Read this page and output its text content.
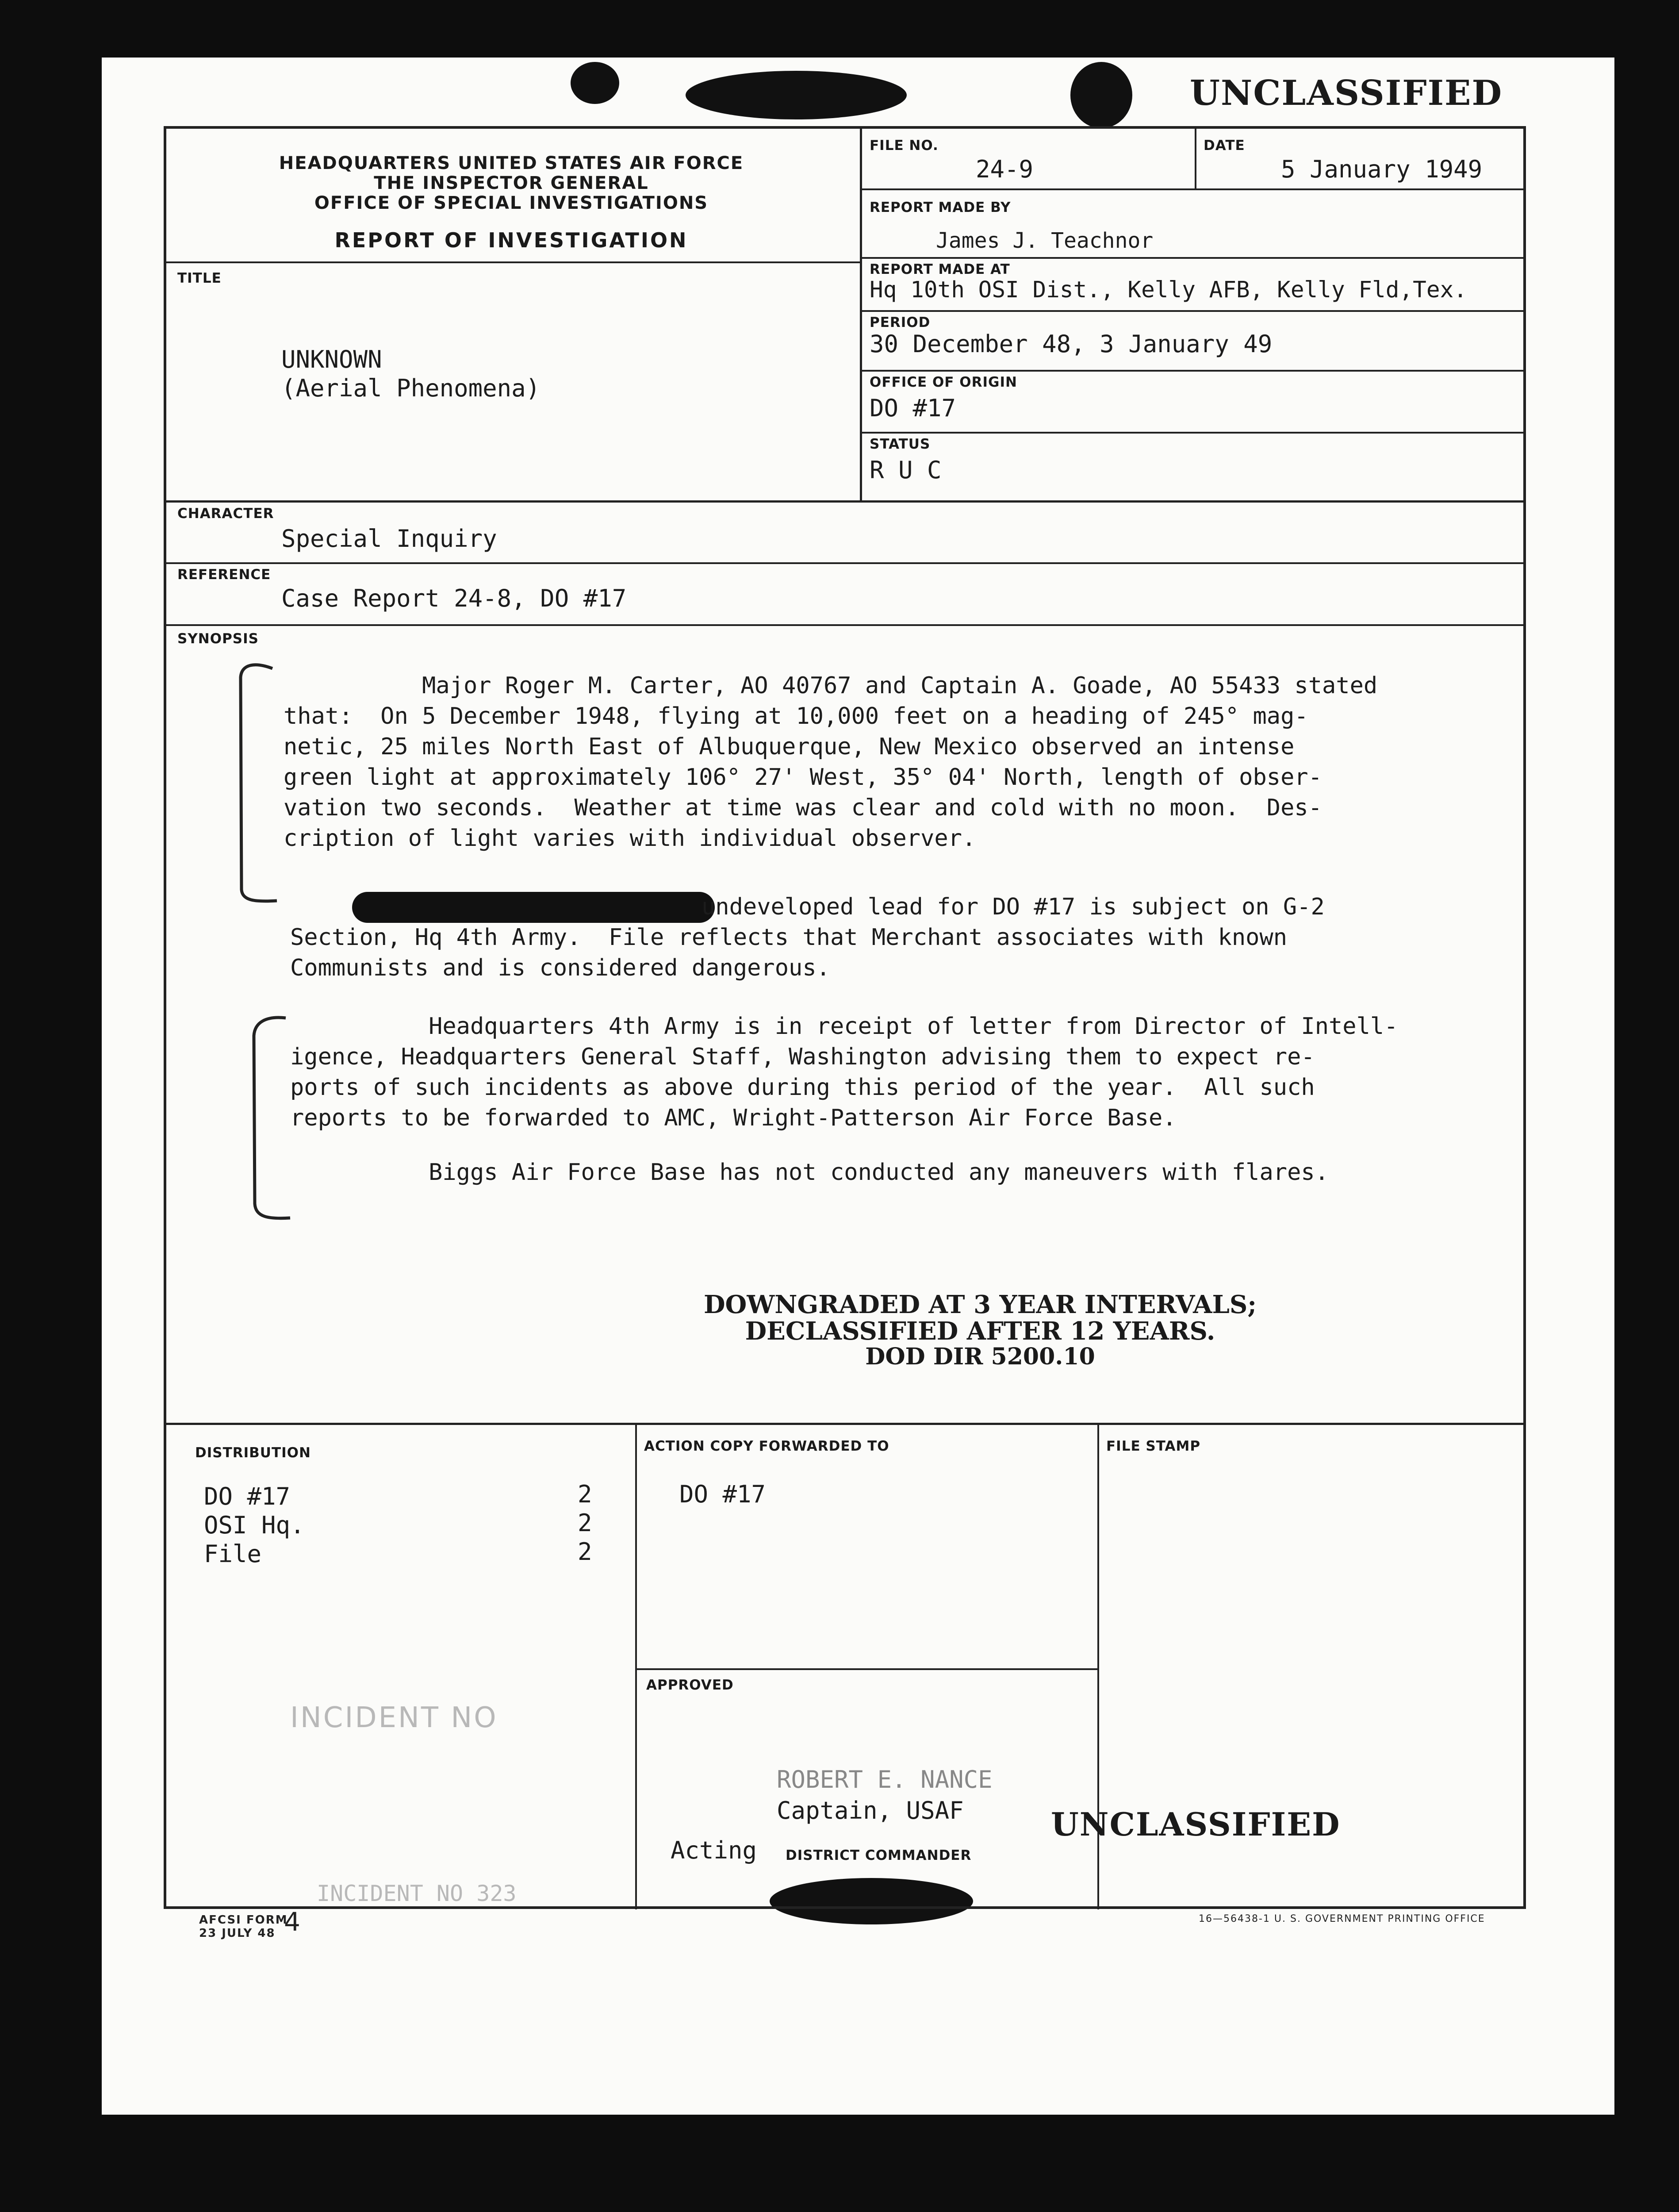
UNCLASSIFIED
HEADQUARTERS UNITED STATES AIR FORCE
THE INSPECTOR GENERAL
OFFICE OF SPECIAL INVESTIGATIONS
REPORT OF INVESTIGATION
FILE NO.
24-9
DATE
5 January 1949
REPORT MADE BY
James J. Teachnor
REPORT MADE AT
Hq 10th OSI Dist., Kelly AFB, Kelly Fld,Tex.
PERIOD
30 December 48, 3 January 49
OFFICE OF ORIGIN
DO #17
STATUS
R U C
TITLE
UNKNOWN
(Aerial Phenomena)
CHARACTER
Special Inquiry
REFERENCE
Case Report 24-8, DO #17
SYNOPSIS
Major Roger M. Carter, AO 40767 and Captain A. Goade, AO 55433 stated
that:  On 5 December 1948, flying at 10,000 feet on a heading of 245° mag-
netic, 25 miles North East of Albuquerque, New Mexico observed an intense
green light at approximately 106° 27' West, 35° 04' North, length of obser-
vation two seconds.  Weather at time was clear and cold with no moon.  Des-
cription of light varies with individual observer.
undeveloped lead for DO #17 is subject on G-2
Section, Hq 4th Army.  File reflects that Merchant associates with known
Communists and is considered dangerous.
Headquarters 4th Army is in receipt of letter from Director of Intell-
igence, Headquarters General Staff, Washington advising them to expect re-
ports of such incidents as above during this period of the year.  All such
reports to be forwarded to AMC, Wright-Patterson Air Force Base.
Biggs Air Force Base has not conducted any maneuvers with flares.
DOWNGRADED AT 3 YEAR INTERVALS;
DECLASSIFIED AFTER 12 YEARS.
DOD DIR 5200.10
DISTRIBUTION
DO #17	2
OSI Hq.	2
File	2
INCIDENT NO
INCIDENT NO 323
ACTION COPY FORWARDED TO
DO #17
FILE STAMP
APPROVED
ROBERT E. NANCE
Captain, USAF
Acting DISTRICT COMMANDER
UNCLASSIFIED
AFCSI FORM
23 JULY 48 4	16—56438-1 U. S. GOVERNMENT PRINTING OFFICE
